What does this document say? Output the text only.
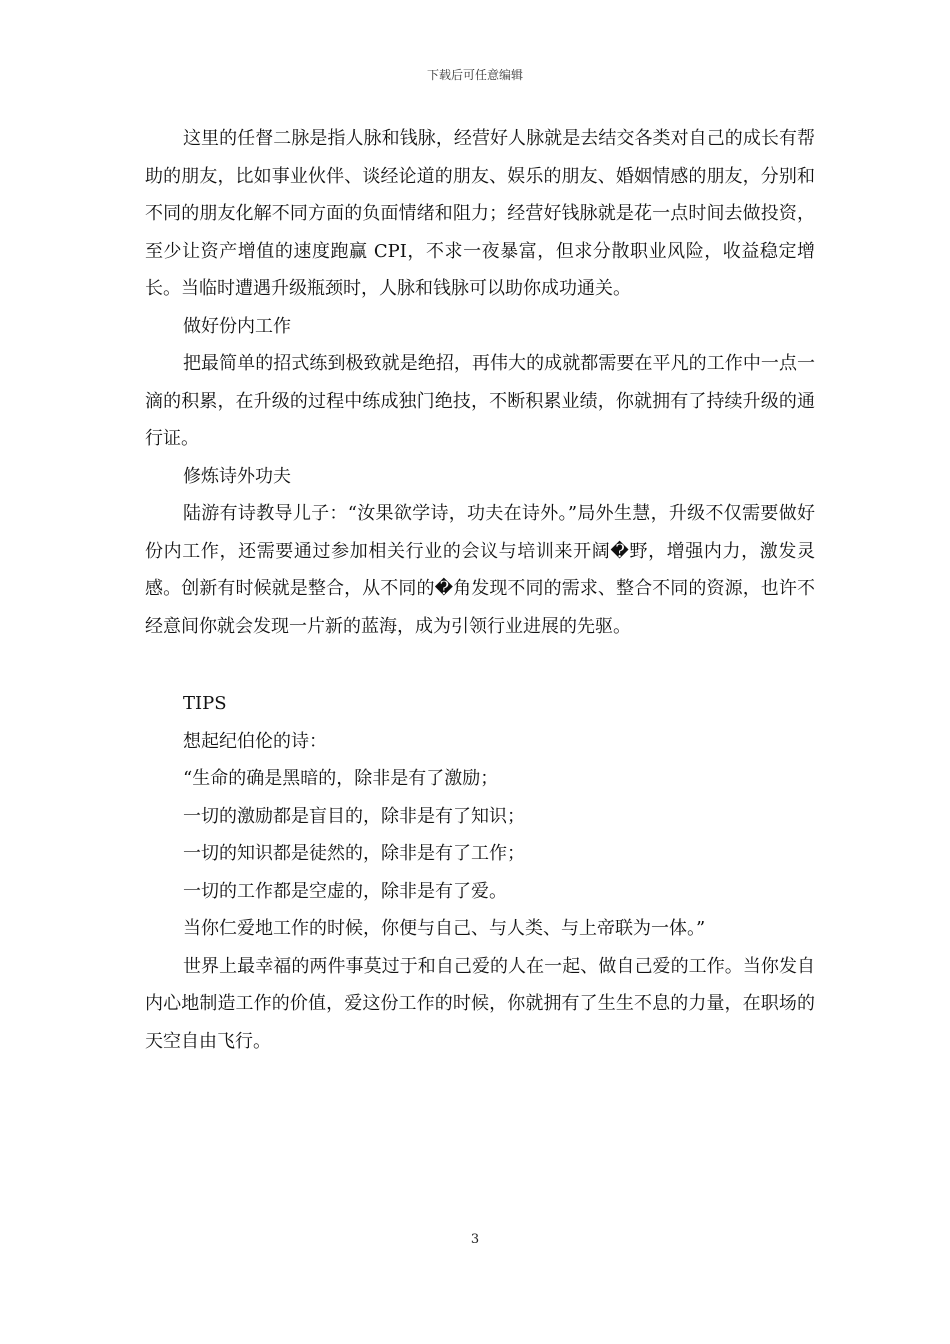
下载后可任意编辑

这里的任督二脉是指人脉和钱脉，经营好人脉就是去结交各类对自己的成长有帮助的朋友，比如事业伙伴、谈经论道的朋友、娱乐的朋友、婚姻情感的朋友，分别和不同的朋友化解不同方面的负面情绪和阻力；经营好钱脉就是花一点时间去做投资，至少让资产增值的速度跑赢 CPI，不求一夜暴富，但求分散职业风险，收益稳定增长。当临时遭遇升级瓶颈时，人脉和钱脉可以助你成功通关。

做好份内工作

把最简单的招式练到极致就是绝招，再伟大的成就都需要在平凡的工作中一点一滴的积累，在升级的过程中练成独门绝技，不断积累业绩，你就拥有了持续升级的通行证。

修炼诗外功夫

陆游有诗教导儿子：“汝果欲学诗，功夫在诗外。”局外生慧，升级不仅需要做好份内工作，还需要通过参加相关行业的会议与培训来开阔�野，增强内力，激发灵感。创新有时候就是整合，从不同的�角发现不同的需求、整合不同的资源，也许不经意间你就会发现一片新的蓝海，成为引领行业进展的先驱。

TIPS

想起纪伯伦的诗：

“生命的确是黑暗的，除非是有了激励；

一切的激励都是盲目的，除非是有了知识；

一切的知识都是徒然的，除非是有了工作；

一切的工作都是空虚的，除非是有了爱。

当你仁爱地工作的时候，你便与自己、与人类、与上帝联为一体。”

世界上最幸福的两件事莫过于和自己爱的人在一起、做自己爱的工作。当你发自内心地制造工作的价值，爱这份工作的时候，你就拥有了生生不息的力量，在职场的天空自由飞行。

3
